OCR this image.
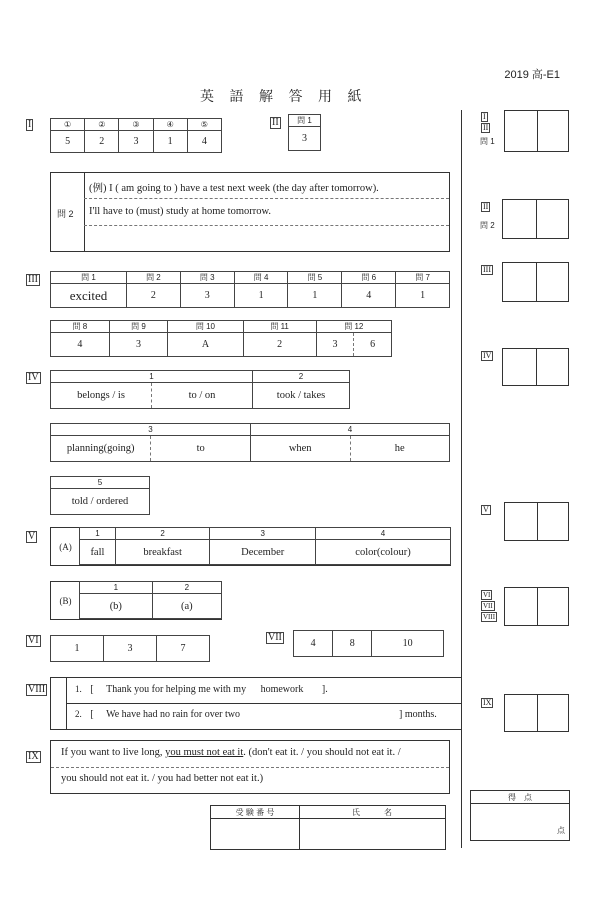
2019 高-E1
英 語 解 答 用 紙
I	①	②	③	④	⑤
5	2	3	1	4
II 問 1
3
問 2
(例) I ( am going to ) have a test next week (the day after tomorrow).
I'll have to (must) study at home tomorrow.
III	問 1	問 2	問 3	問 4	問 5	問 6	問 7
excited	2	3	1	1	4	1
問 8	問 9	問 10	問 11	問 12	
4	3	A	2	3	6
IV	1		2
belongs / is	to / on	took / takes
3		4	
planning(going)	to	when	he
5
told / ordered
V
(A)
1	2	3	4
fall	breakfast	December	color(colour)
(B)
1	2
(b)	(a)
VI
1	3	7
VII
4	8	10
VIII	1. [ Thank you for helping me with my homework ].
2. [ We have had no rain for over two	] months.
IX If you want to live long, you must not eat it. (don't eat it. / you should not eat it. /
you should not eat it. / you had better not eat it.)
受 験 番 号	氏　　　名
得　点
点
I
II
問 1
II
問 2
III
IV
V
VI
VII
VIII
IX
